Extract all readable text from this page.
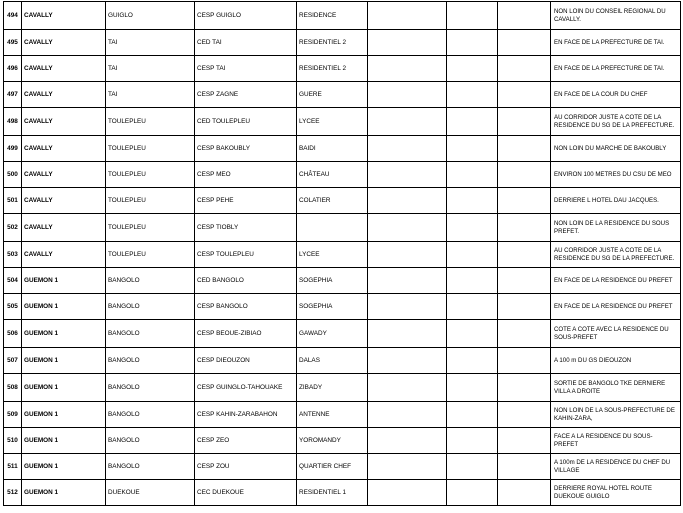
494	CAVALLY	GUIGLO	CESP GUIGLO	RESIDENCE				NON LOIN DU CONSEIL REGIONAL DU
CAVALLY.
495	CAVALLY	TAI	CED TAI	RESIDENTIEL 2				EN FACE DE LA PREFECTURE DE TAI.
496	CAVALLY	TAI	CESP TAI	RESIDENTIEL 2				EN FACE DE LA PREFECTURE DE TAI.
497	CAVALLY	TAI	CESP ZAGNE	GUERE				EN FACE DE LA COUR DU CHEF
498	CAVALLY	TOULEPLEU	CED TOULEPLEU	LYCEE				AU CORRIDOR JUSTE A COTE DE LA
RESIDENCE DU SG DE LA PREFECTURE.
499	CAVALLY	TOULEPLEU	CESP BAKOUBLY	BAIDI				NON LOIN DU MARCHE DE BAKOUBLY
500	CAVALLY	TOULEPLEU	CESP MEO	CHÂTEAU				ENVIRON 100 METRES DU CSU DE MEO
501	CAVALLY	TOULEPLEU	CESP PEHE	COLATIER				DERRIERE L HOTEL DAU JACQUES.
502	CAVALLY	TOULEPLEU	CESP TIOBLY					NON LOIN DE LA RESIDENCE DU SOUS
PREFET.
503	CAVALLY	TOULEPLEU	CESP TOULEPLEU	LYCEE				AU CORRIDOR JUSTE A COTE DE LA
RESIDENCE DU SG DE LA PREFECTURE.
504	GUEMON 1	BANGOLO	CED BANGOLO	SOGEPHIA				EN FACE DE LA RESIDENCE DU PREFET
505	GUEMON 1	BANGOLO	CESP BANGOLO	SOGEPHIA				EN FACE DE LA RESIDENCE DU PREFET
506	GUEMON 1	BANGOLO	CESP BEOUE-ZIBIAO	GAWADY				COTE A COTE AVEC LA RESIDENCE DU
SOUS-PREFET
507	GUEMON 1	BANGOLO	CESP DIEOUZON	DALAS				A 100 m DU GS DIEOUZON
508	GUEMON 1	BANGOLO	CESP GUINGLO-TAHOUAKE	ZIBADY				SORTIE DE BANGOLO TKE DERNIERE
VILLA A DROITE
509	GUEMON 1	BANGOLO	CESP KAHIN-ZARABAHON	ANTENNE				NON LOIN DE LA SOUS-PREFECTURE DE
KAHIN-ZARA,
510	GUEMON 1	BANGOLO	CESP ZEO	YOROMANDY				FACE A LA RESIDENCE DU SOUS-
PREFET
511	GUEMON 1	BANGOLO	CESP ZOU	QUARTIER CHEF				A 100m DE LA RESIDENCE DU CHEF DU
VILLAGE
512	GUEMON 1	DUEKOUE	CEC DUEKOUE	RESIDENTIEL 1				DERRIERE ROYAL HOTEL ROUTE
DUEKOUE GUIGLO
